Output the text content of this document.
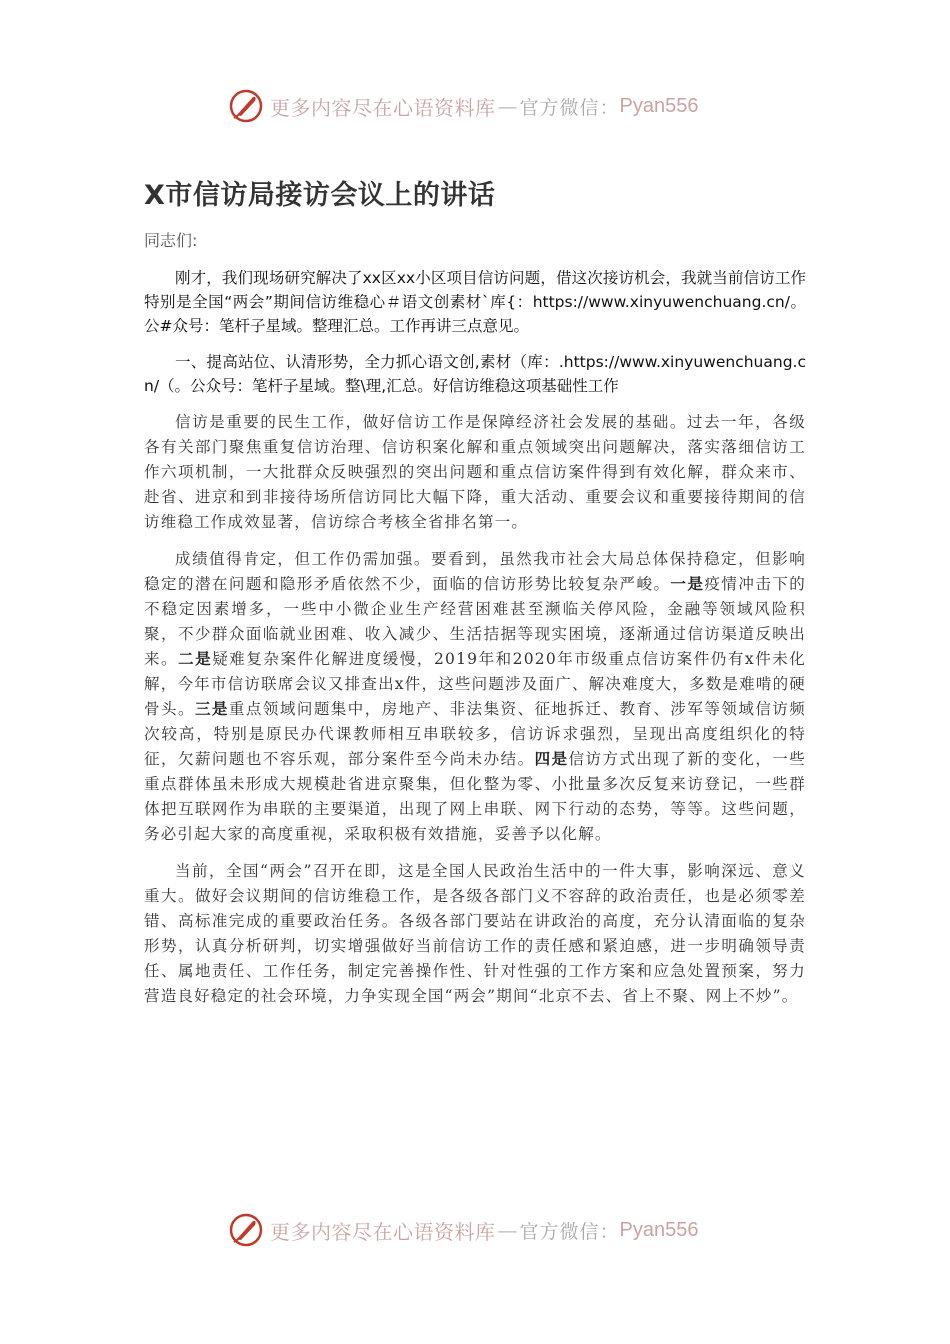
更多内容尽在心语资料库 — 官方微信： Pyan556
X市信访局接访会议上的讲话
同志们:

刚才，我们现场研究解决了xx区xx小区项目信访问题，借这次接访机会，我就当前信访工作特别是全国“两会”期间信访维稳心＃语文创素材`库{：https://www.xinyuwenchuang.cn/。公#众号：笔杆子星域。整理汇总。工作再讲三点意见。

一、提高站位、认清形势，全力抓心语文创,素材（库：.https://www.xinyuwenchuang.cn/（。公众号：笔杆子星域。整\理,汇总。好信访维稳这项基础性工作

信访是重要的民生工作，做好信访工作是保障经济社会发展的基础。过去一年，各级各有关部门聚焦重复信访治理、信访积案化解和重点领域突出问题解决，落实落细信访工作六项机制，一大批群众反映强烈的突出问题和重点信访案件得到有效化解，群众来市、赴省、进京和到非接待场所信访同比大幅下降，重大活动、重要会议和重要接待期间的信访维稳工作成效显著，信访综合考核全省排名第一。

成绩值得肯定，但工作仍需加强。要看到，虽然我市社会大局总体保持稳定，但影响稳定的潜在问题和隐形矛盾依然不少，面临的信访形势比较复杂严峻。一是疫情冲击下的不稳定因素增多，一些中小微企业生产经营困难甚至濒临关停风险，金融等领域风险积聚，不少群众面临就业困难、收入减少、生活拮据等现实困境，逐渐通过信访渠道反映出来。二是疑难复杂案件化解进度缓慢，2019年和2020年市级重点信访案件仍有x件未化解，今年市信访联席会议又排查出x件，这些问题涉及面广、解决难度大，多数是难啃的硬骨头。三是重点领域问题集中，房地产、非法集资、征地拆迁、教育、涉军等领域信访频次较高，特别是原民办代课教师相互串联较多，信访诉求强烈，呈现出高度组织化的特征，欠薪问题也不容乐观，部分案件至今尚未办结。四是信访方式出现了新的变化，一些重点群体虽未形成大规模赴省进京聚集，但化整为零、小批量多次反复来访登记，一些群体把互联网作为串联的主要渠道，出现了网上串联、网下行动的态势，等等。这些问题，务必引起大家的高度重视，采取积极有效措施，妥善予以化解。

当前，全国“两会”召开在即，这是全国人民政治生活中的一件大事，影响深远、意义重大。做好会议期间的信访维稳工作，是各级各部门义不容辞的政治责任，也是必须零差错、高标准完成的重要政治任务。各级各部门要站在讲政治的高度，充分认清面临的复杂形势，认真分析研判，切实增强做好当前信访工作的责任感和紧迫感，进一步明确领导责任、属地责任、工作任务，制定完善操作性、针对性强的工作方案和应急处置预案，努力营造良好稳定的社会环境，力争实现全国“两会”期间“北京不去、省上不聚、网上不炒”。

更多内容尽在心语资料库 — 官方微信： Pyan556
